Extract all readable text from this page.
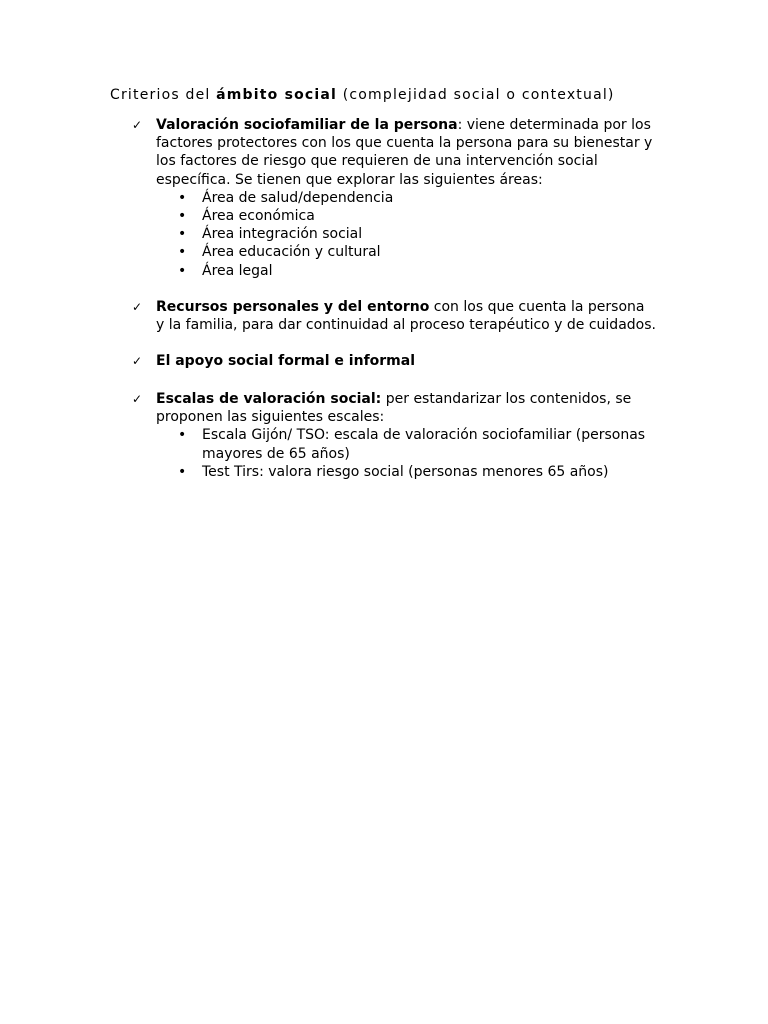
Criterios del ámbito social (complejidad social o contextual)
✓ Valoración sociofamiliar de la persona: viene determinada por los factores protectores con los que cuenta la persona para su bienestar y los factores de riesgo que requieren de una intervención social específica. Se tienen que explorar las siguientes áreas:
• Área de salud/dependencia
• Área económica
• Área integración social
• Área educación y cultural
• Área legal
✓ Recursos personales y del entorno con los que cuenta la persona y la familia, para dar continuidad al proceso terapéutico y de cuidados.
✓ El apoyo social formal e informal
✓ Escalas de valoración social: per estandarizar los contenidos, se proponen las siguientes escales:
• Escala Gijón/ TSO: escala de valoración sociofamiliar (personas mayores de 65 años)
• Test Tirs: valora riesgo social (personas menores 65 años)
